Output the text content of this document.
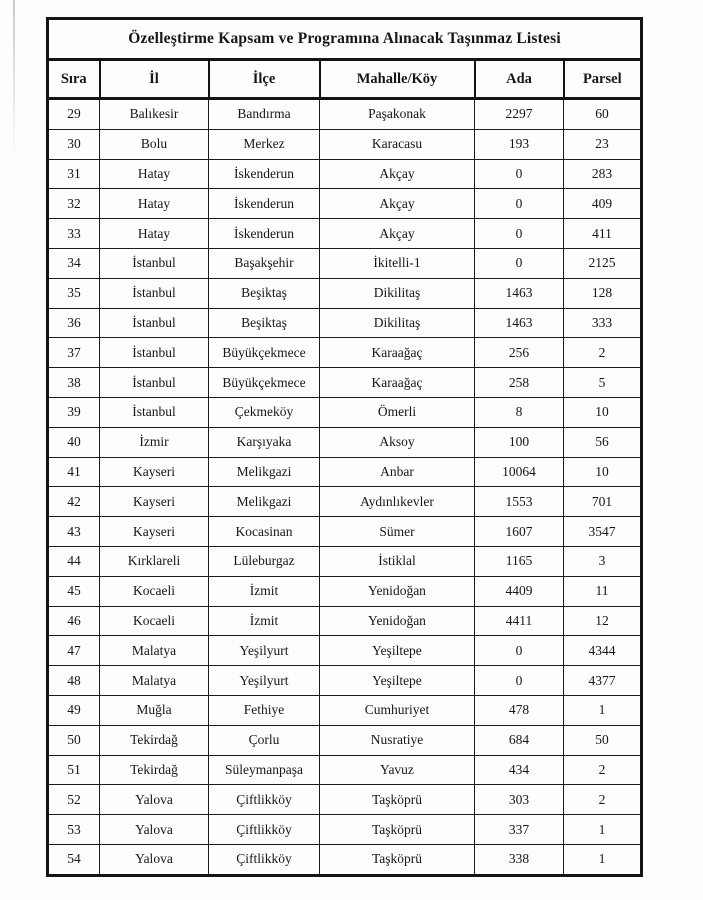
Özelleştirme Kapsam ve Programına Alınacak Taşınmaz Listesi					
Sıra	İl	İlçe	Mahalle/Köy	Ada	Parsel
29	Balıkesir	Bandırma	Paşakonak	2297	60
30	Bolu	Merkez	Karacasu	193	23
31	Hatay	İskenderun	Akçay	0	283
32	Hatay	İskenderun	Akçay	0	409
33	Hatay	İskenderun	Akçay	0	411
34	İstanbul	Başakşehir	İkitelli-1	0	2125
35	İstanbul	Beşiktaş	Dikilitaş	1463	128
36	İstanbul	Beşiktaş	Dikilitaş	1463	333
37	İstanbul	Büyükçekmece	Karaağaç	256	2
38	İstanbul	Büyükçekmece	Karaağaç	258	5
39	İstanbul	Çekmeköy	Ömerli	8	10
40	İzmir	Karşıyaka	Aksoy	100	56
41	Kayseri	Melikgazi	Anbar	10064	10
42	Kayseri	Melikgazi	Aydınlıkevler	1553	701
43	Kayseri	Kocasinan	Sümer	1607	3547
44	Kırklareli	Lüleburgaz	İstiklal	1165	3
45	Kocaeli	İzmit	Yenidoğan	4409	11
46	Kocaeli	İzmit	Yenidoğan	4411	12
47	Malatya	Yeşilyurt	Yeşiltepe	0	4344
48	Malatya	Yeşilyurt	Yeşiltepe	0	4377
49	Muğla	Fethiye	Cumhuriyet	478	1
50	Tekirdağ	Çorlu	Nusratiye	684	50
51	Tekirdağ	Süleymanpaşa	Yavuz	434	2
52	Yalova	Çiftlikköy	Taşköprü	303	2
53	Yalova	Çiftlikköy	Taşköprü	337	1
54	Yalova	Çiftlikköy	Taşköprü	338	1
